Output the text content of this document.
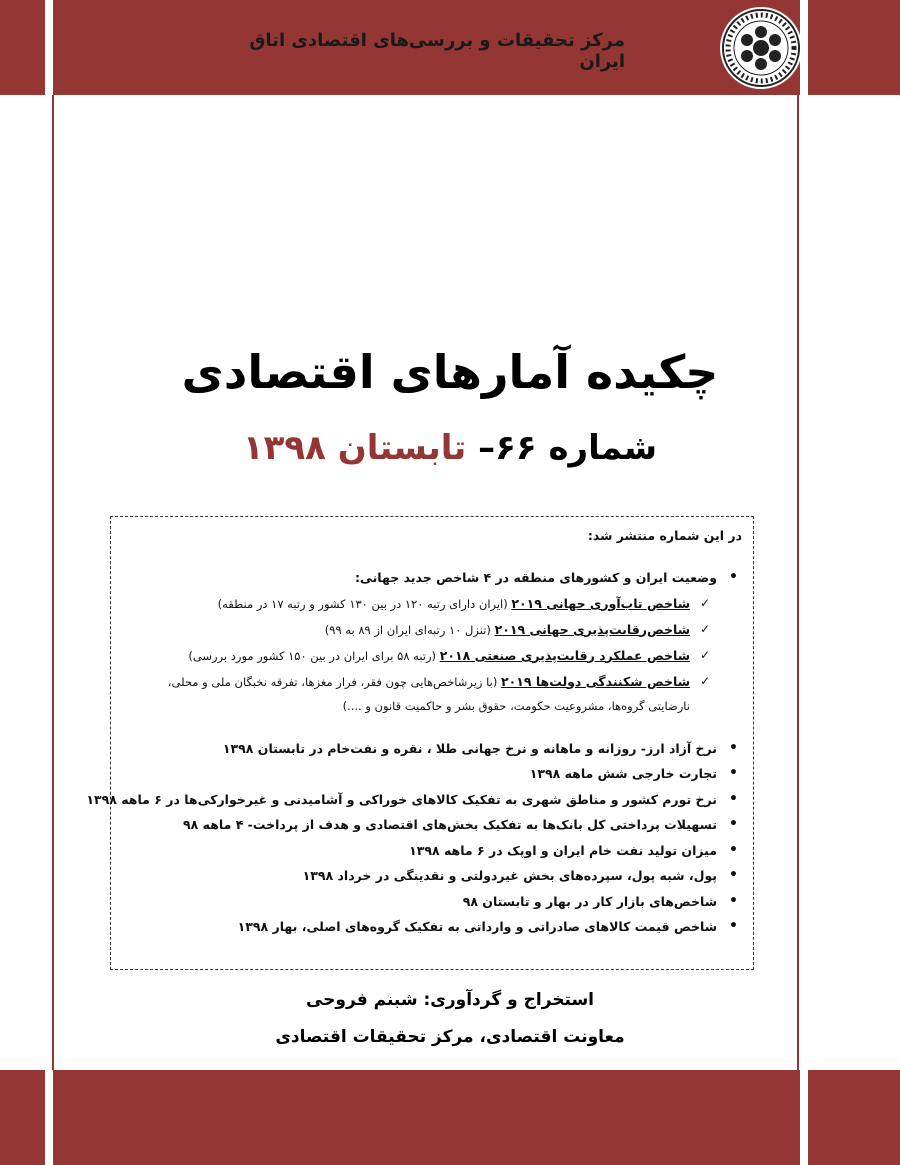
مرکز تحقیقات و بررسی‌های اقتصادی اتاق ایران
چکیده آمارهای اقتصادی
شماره ۶۶– تابستان ۱۳۹۸
در این شماره منتشر شد:
•
وضعیت ایران و کشورهای منطقه در ۴ شاخص جدید جهانی:
✓
شاخص تاب‌آوری جهانی ۲۰۱۹ (ایران دارای رتبه ۱۲۰ در بین ۱۳۰ کشور و رتبه ۱۷ در منطقه)
✓
شاخص‌رقابت‌پذیری جهانی ۲۰۱۹ (تنزل ۱۰ رتبه‌ای ایران از ۸۹ به ۹۹)
✓
شاخص عملکرد رقابت‌پذیری صنعتی ۲۰۱۸ (رتبه ۵۸ برای ایران در بین ۱۵۰ کشور مورد بررسی)
✓
شاخص شکنندگی دولت‌ها ۲۰۱۹ (با زیرشاخص‌هایی چون فقر، فرار مغزها، تفرقه نخبگان ملی و محلی،
نارضایتی گروه‌ها، مشروعیت حکومت، حقوق بشر و حاکمیت قانون و ....)
•
نرخ آزاد ارز- روزانه و ماهانه و نرخ جهانی طلا ، نقره و نفت‌خام در تابستان ۱۳۹۸
•
تجارت خارجی شش ماهه ۱۳۹۸
•
نرخ تورم کشور و مناطق شهری به تفکیک کالاهای خوراکی و آشامیدنی و غیرخوارکی‌ها در ۶ ماهه ۱۳۹۸
•
تسهیلات پرداختی کل بانک‌ها به تفکیک بخش‌های اقتصادی و هدف از پرداخت- ۴ ماهه ۹۸
•
میزان تولید نفت خام ایران و اوپک در ۶ ماهه ۱۳۹۸
•
پول، شبه پول، سپرده‌های بخش غیردولتی و نقدینگی در خرداد ۱۳۹۸
•
شاخص‌های بازار کار در بهار و تابستان ۹۸
•
شاخص قیمت کالاهای صادراتی و وارداتی به تفکیک گروه‌های اصلی، بهار ۱۳۹۸
استخراج و گردآوری: شبنم فروحی
معاونت اقتصادی، مرکز تحقیقات اقتصادی
